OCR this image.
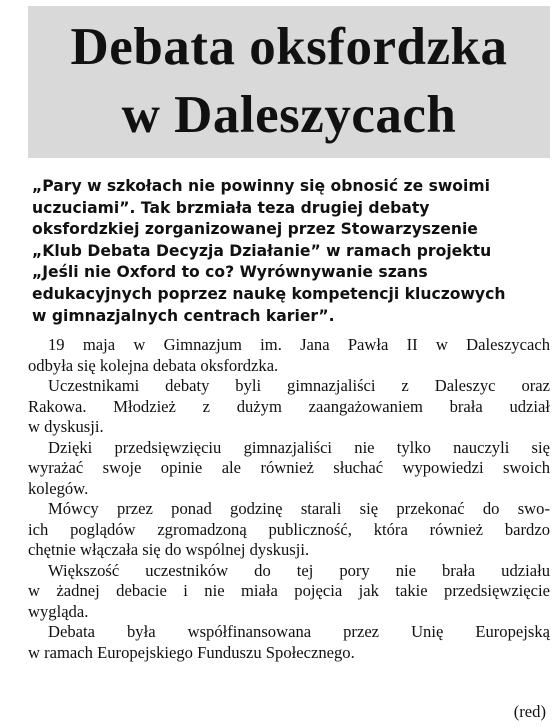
Debata oksfordzka
w Daleszycach
„Pary w szkołach nie powinny się obnosić ze swoimi
uczuciami”. Tak brzmiała teza drugiej debaty
oksfordzkiej zorganizowanej przez Stowarzyszenie
„Klub Debata Decyzja Działanie” w ramach projektu
„Jeśli nie Oxford to co? Wyrównywanie szans
edukacyjnych poprzez naukę kompetencji kluczowych
w gimnazjalnych centrach karier”.

19 maja w Gimnazjum im. Jana Pawła II w Daleszycach
odbyła się kolejna debata oksfordzka.

Uczestnikami debaty byli gimnazjaliści z Daleszyc oraz
Rakowa. Młodzież z dużym zaangażowaniem brała udział
w dyskusji.

Dzięki przedsięwzięciu gimnazjaliści nie tylko nauczyli się
wyrażać swoje opinie ale również słuchać wypowiedzi swoich
kolegów.

Mówcy przez ponad godzinę starali się przekonać do swo-
ich poglądów zgromadzoną publiczność, która również bardzo
chętnie włączała się do wspólnej dyskusji.

Większość uczestników do tej pory nie brała udziału
w żadnej debacie i nie miała pojęcia jak takie przedsięwzięcie
wygląda.

Debata była współfinansowana przez Unię Europejską
w ramach Europejskiego Funduszu Społecznego.

(red)
